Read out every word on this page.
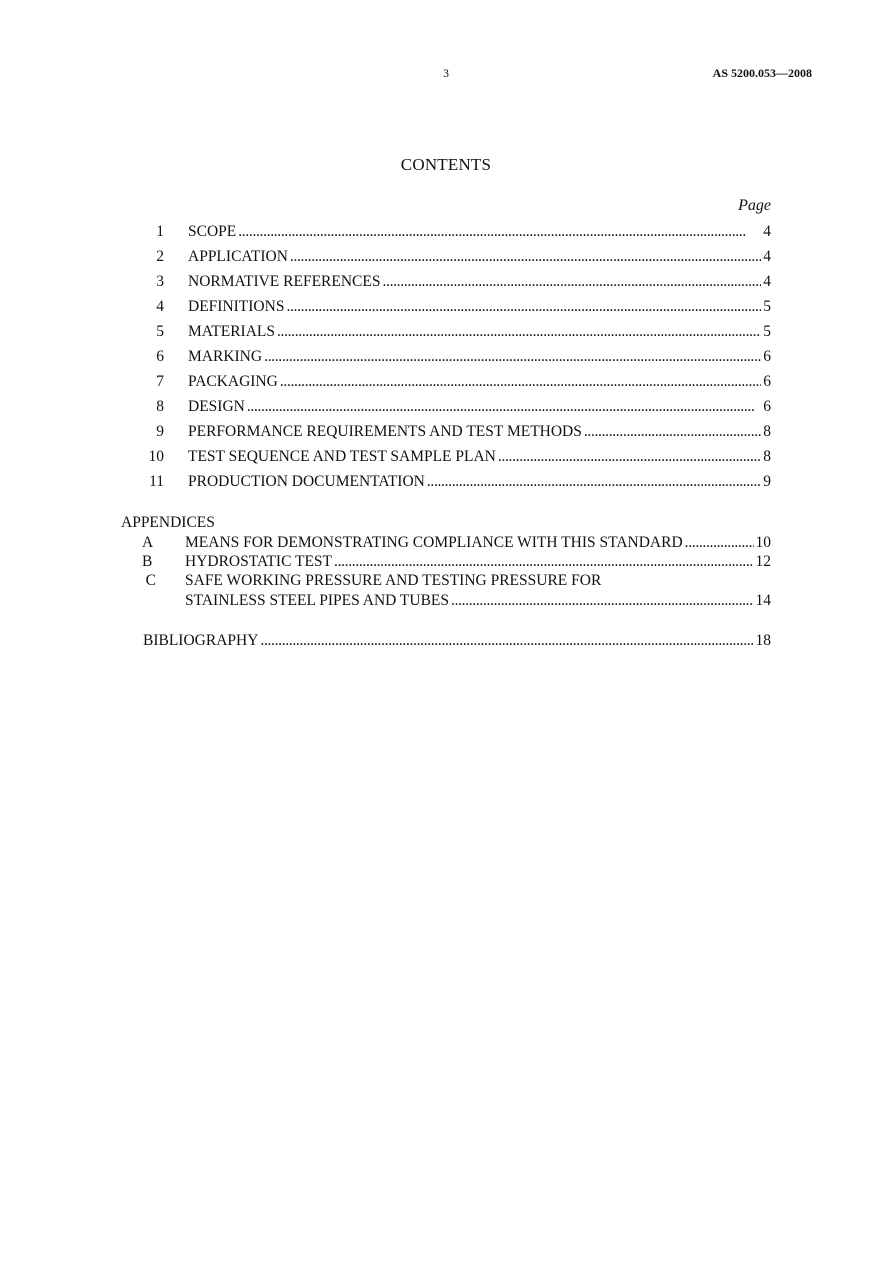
3	AS 5200.053—2008
CONTENTS
Page
1 SCOPE . . .	4
2 APPLICATION . . .	4
3 NORMATIVE REFERENCES . . .	4
4 DEFINITIONS . . .	5
5 MATERIALS . . .	5
6 MARKING . . .	6
7 PACKAGING . . .	6
8 DESIGN . . .	6
9 PERFORMANCE REQUIREMENTS AND TEST METHODS . . .	8
10 TEST SEQUENCE AND TEST SAMPLE PLAN . . .	8
11 PRODUCTION DOCUMENTATION . . .	9
APPENDICES
A MEANS FOR DEMONSTRATING COMPLIANCE WITH THIS STANDARD . . .	10
B HYDROSTATIC TEST . . .	12
C SAFE WORKING PRESSURE AND TESTING PRESSURE FOR
STAINLESS STEEL PIPES AND TUBES . . .	14
BIBLIOGRAPHY . . .	18
